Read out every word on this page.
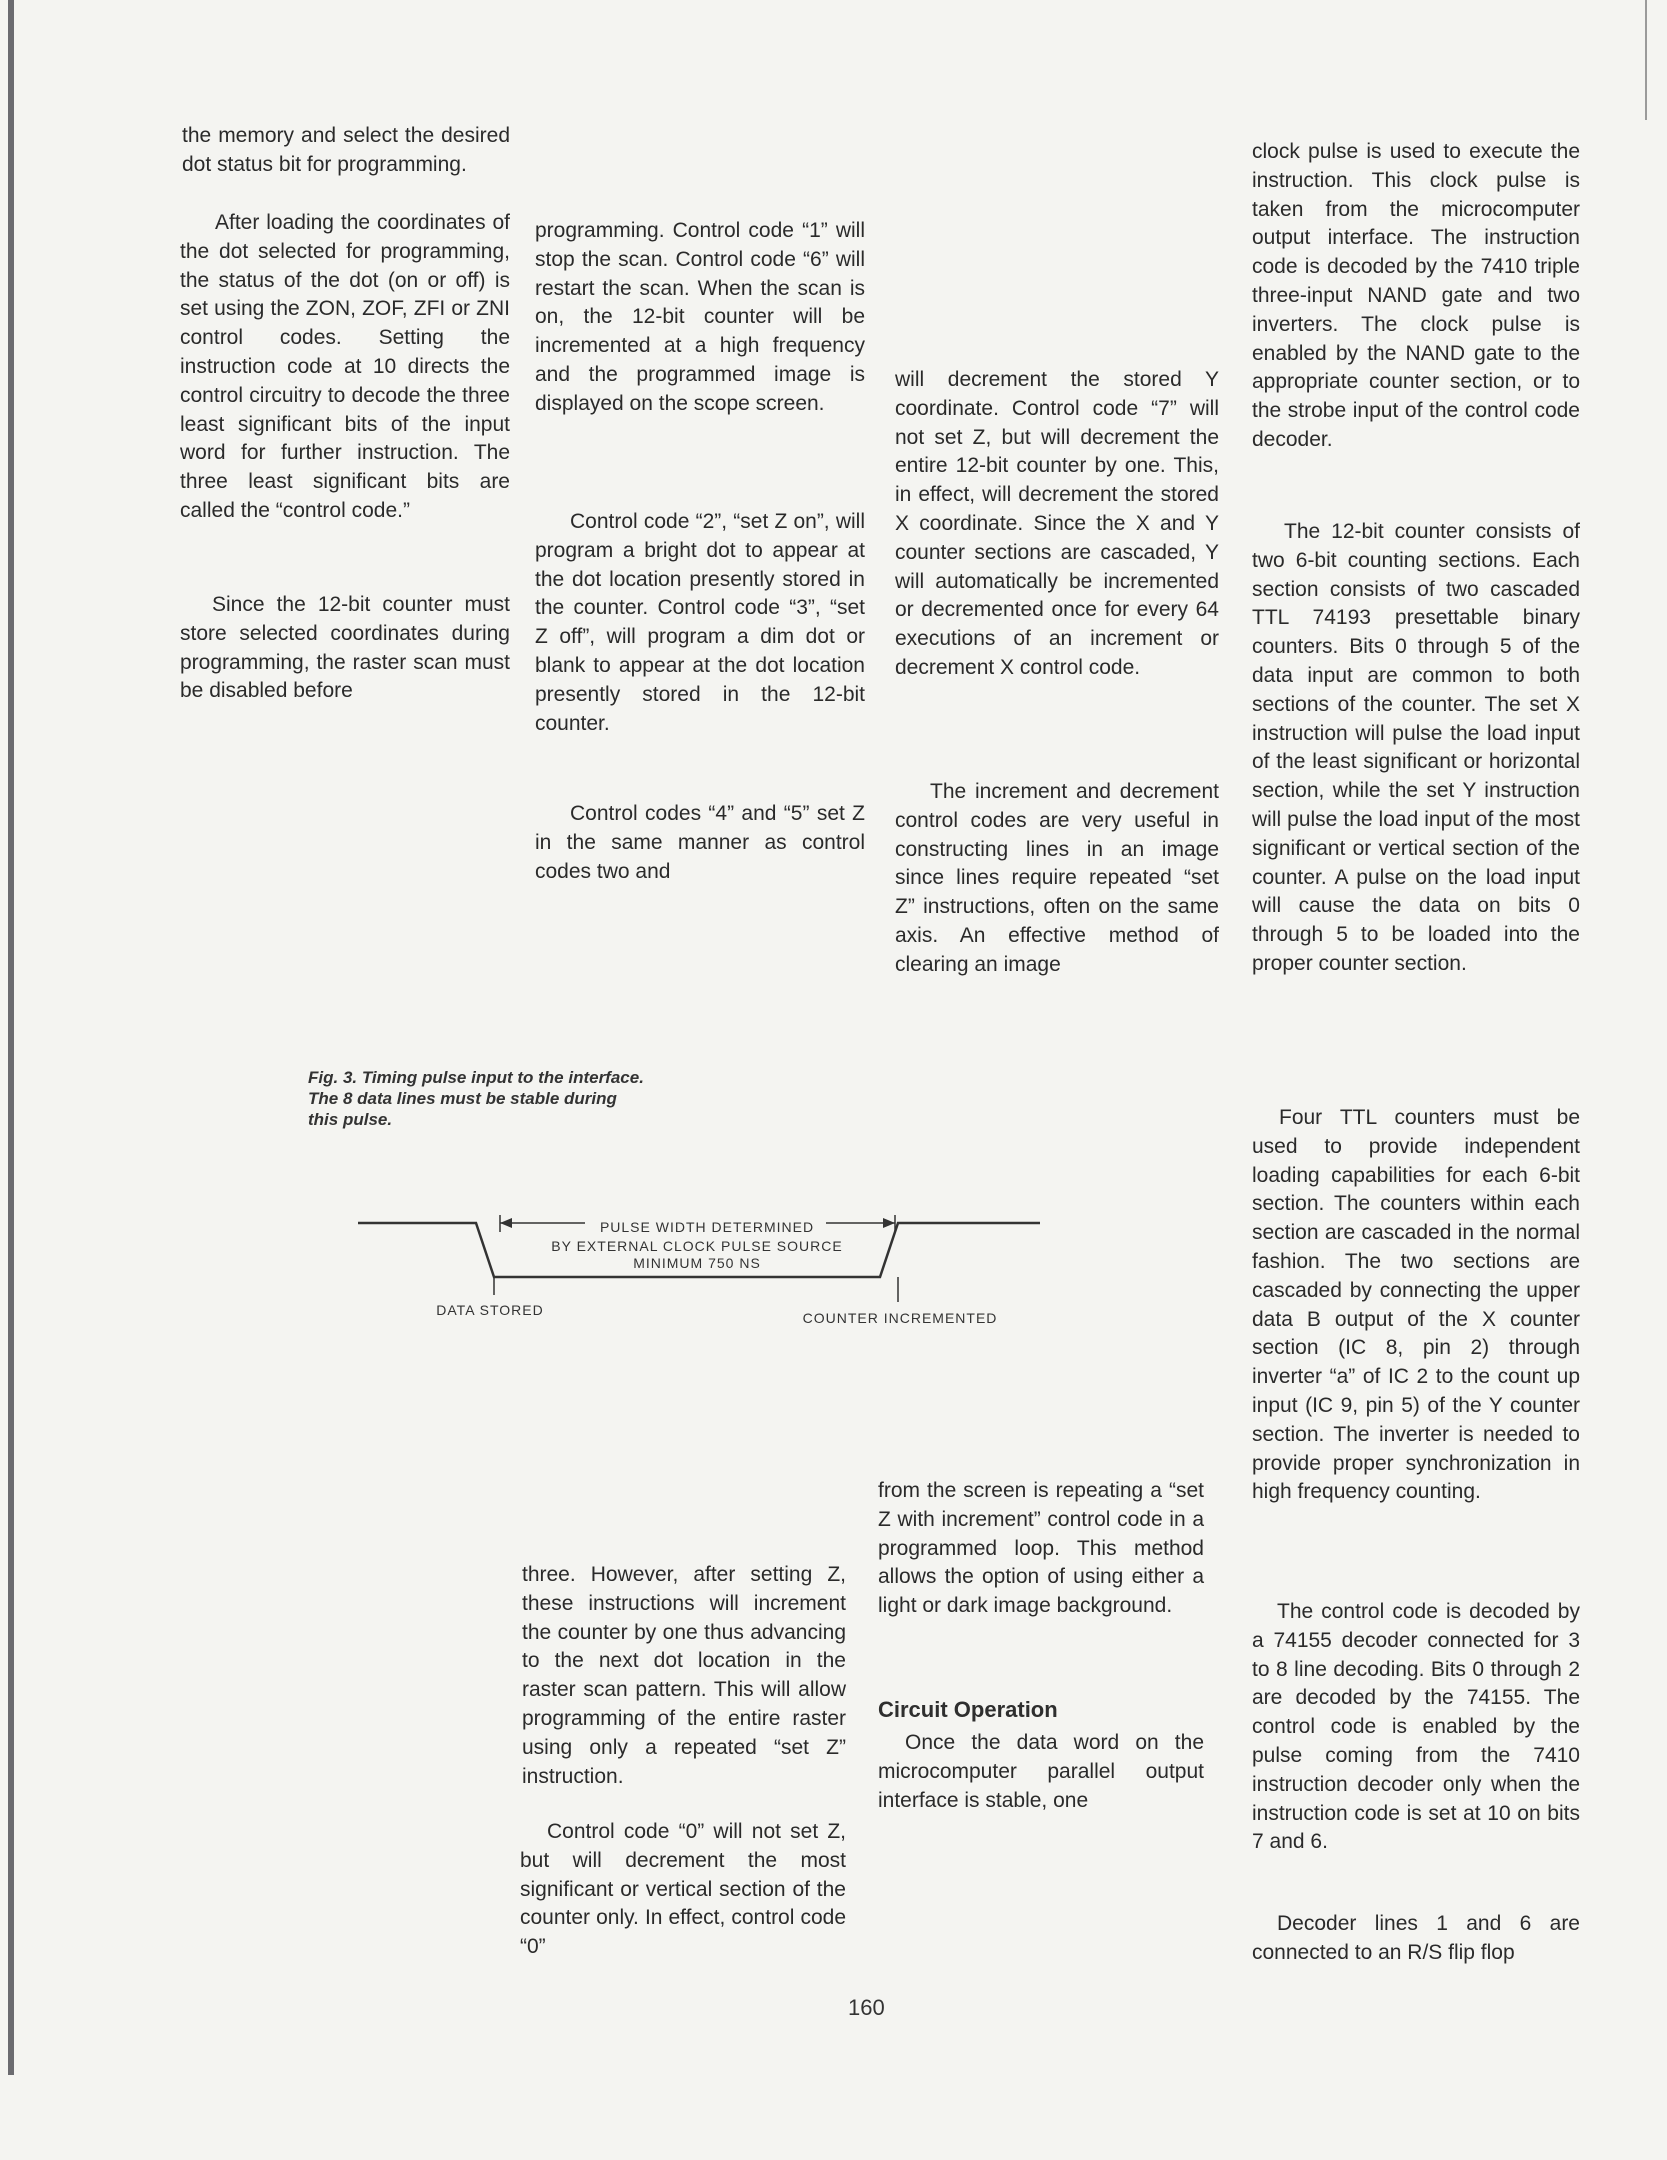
the memory and select the desired dot status bit for programming.

After loading the coordinates of the dot selected for programming, the status of the dot (on or off) is set using the ZON, ZOF, ZFI or ZNI control codes. Setting the instruction code at 10 directs the control circuitry to decode the three least significant bits of the input word for further instruction. The three least significant bits are called the “control code.”

Since the 12-bit counter must store selected coordinates during programming, the raster scan must be disabled before

programming. Control code “1” will stop the scan. Control code “6” will restart the scan. When the scan is on, the 12-bit counter will be incremented at a high frequency and the programmed image is displayed on the scope screen.

Control code “2”, “set Z on”, will program a bright dot to appear at the dot location presently stored in the counter. Control code “3”, “set Z off”, will program a dim dot or blank to appear at the dot location presently stored in the 12-bit counter.

Control codes “4” and “5” set Z in the same manner as control codes two and

will decrement the stored Y coordinate. Control code “7” will not set Z, but will decrement the entire 12-bit counter by one. This, in effect, will decrement the stored X coordinate. Since the X and Y counter sections are cascaded, Y will automatically be incremented or decremented once for every 64 executions of an increment or decrement X control code.

The increment and decrement control codes are very useful in constructing lines in an image since lines require repeated “set Z” instructions, often on the same axis. An effective method of clearing an image

clock pulse is used to execute the instruction. This clock pulse is taken from the microcomputer output interface. The instruction code is decoded by the 7410 triple three-input NAND gate and two inverters. The clock pulse is enabled by the NAND gate to the appropriate counter section, or to the strobe input of the control code decoder.

The 12-bit counter consists of two 6-bit counting sections. Each section consists of two cascaded TTL 74193 presettable binary counters. Bits 0 through 5 of the data input are common to both sections of the counter. The set X instruction will pulse the load input of the least significant or horizontal section, while the set Y instruction will pulse the load input of the most significant or vertical section of the counter. A pulse on the load input will cause the data on bits 0 through 5 to be loaded into the proper counter section.

Four TTL counters must be used to provide independent loading capabilities for each 6-bit section. The counters within each section are cascaded in the normal fashion. The two sections are cascaded by connecting the upper data B output of the X counter section (IC 8, pin 2) through inverter “a” of IC 2 to the count up input (IC 9, pin 5) of the Y counter section. The inverter is needed to provide proper synchronization in high frequency counting.

The control code is decoded by a 74155 decoder connected for 3 to 8 line decoding. Bits 0 through 2 are decoded by the 74155. The control code is enabled by the pulse coming from the 7410 instruction decoder only when the instruction code is set at 10 on bits 7 and 6.

Decoder lines 1 and 6 are connected to an R/S flip flop

Fig. 3. Timing pulse input to the interface. The 8 data lines must be stable during this pulse.
PULSE WIDTH DETERMINED
BY EXTERNAL CLOCK PULSE SOURCE
MINIMUM 750 NS
DATA STORED	COUNTER INCREMENTED

three. However, after setting Z, these instructions will increment the counter by one thus advancing to the next dot location in the raster scan pattern. This will allow programming of the entire raster using only a repeated “set Z” instruction.

Control code “0” will not set Z, but will decrement the most significant or vertical section of the counter only. In effect, control code “0”

from the screen is repeating a “set Z with increment” control code in a programmed loop. This method allows the option of using either a light or dark image background.

Circuit Operation

Once the data word on the microcomputer parallel output interface is stable, one

160
